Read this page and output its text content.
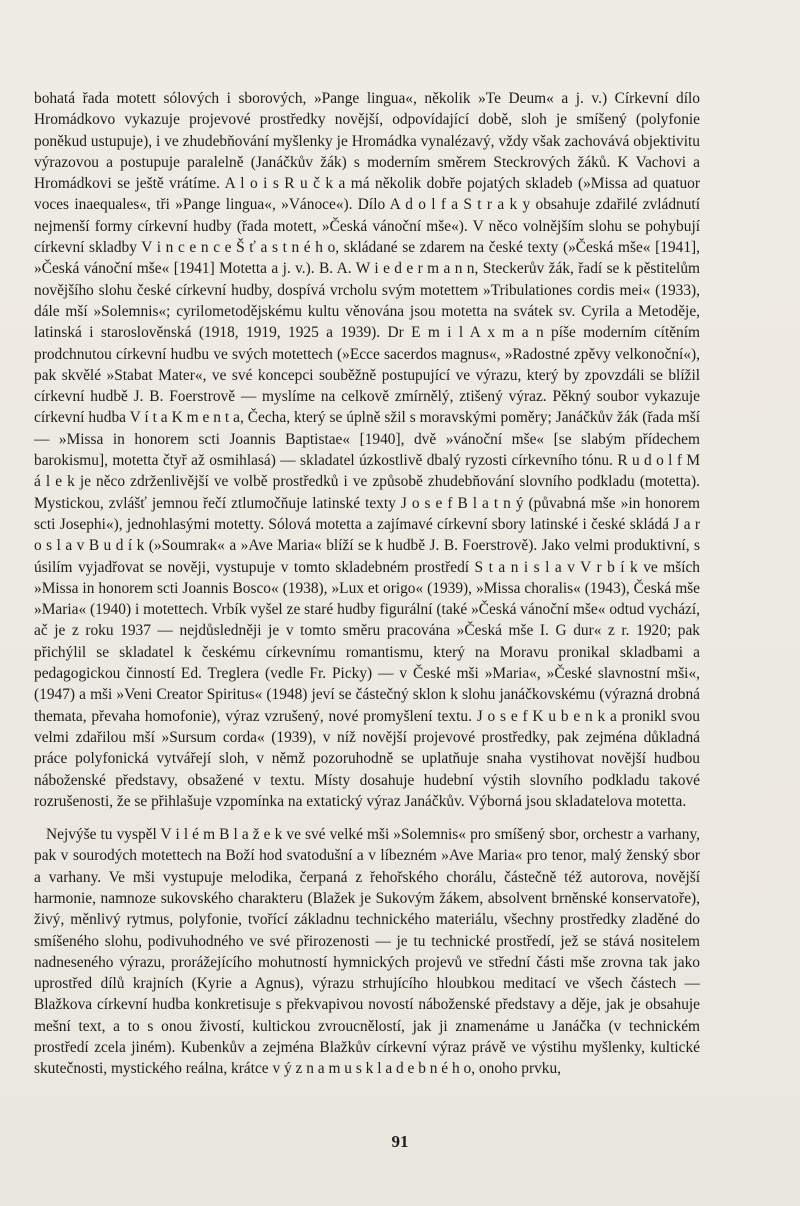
bohatá řada motett sólových i sborových, »Pange lingua«, několik »Te Deum« a j. v.) Církevní dílo Hromádkovo vykazuje projevové prostředky novější, odpovídající době, sloh je smíšený (polyfonie poněkud ustupuje), i ve zhudebňování myšlenky je Hromádka vynalézavý, vždy však zachovává objektivitu výrazovou a postupuje paralelně (Janáčkův žák) s moderním směrem Steckrových žáků. K Vachovi a Hromádkovi se ještě vrátíme. A l o i s R u č k a má několik dobře pojatých skladeb (»Missa ad quatuor voces inaequales«, tři »Pange lingua«, »Vánoce«). Dílo A d o l f a S t r a k y obsahuje zdařilé zvládnutí nejmenší formy církevní hudby (řada motett, »Česká vánoční mše«). V něco volnějším slohu se pohybují církevní skladby V i n c e n c e Š ť a s t n é h o, skládané se zdarem na české texty (»Česká mše« [1941], »Česká vánoční mše« [1941] Motetta a j. v.). B. A. W i e d e r m a n n, Steckerův žák, řadí se k pěstitelům novějšího slohu české církevní hudby, dospívá vrcholu svým motettem »Tribulationes cordis mei« (1933), dále mší »Solemnis«; cyrilometodějskému kultu věnována jsou motetta na svátek sv. Cyrila a Metoděje, latinská i staroslověnská (1918, 1919, 1925 a 1939). Dr E m i l A x m a n píše moderním cítěním prodchnutou církevní hudbu ve svých motettech (»Ecce sacerdos magnus«, »Radostné zpěvy velkonoční«), pak skvělé »Stabat Mater«, ve své koncepci souběžně postupující ve výrazu, který by zpovzdáli se blížil církevní hudbě J. B. Foerstrově — myslíme na celkově zmírnělý, ztišený výraz. Pěkný soubor vykazuje církevní hudba V í t a K m e n t a, Čecha, který se úplně sžil s moravskými poměry; Janáčkův žák (řada mší — »Missa in honorem scti Joannis Baptistae« [1940], dvě »vánoční mše« [se slabým přídechem barokismu], motetta čtyř až osmihlasá) — skladatel úzkostlivě dbalý ryzosti církevního tónu. R u d o l f M á l e k je něco zdrženlivější ve volbě prostředků i ve způsobě zhudebňování slovního podkladu (motetta). Mystickou, zvlášť jemnou řečí ztlumočňuje latinské texty J o s e f B l a t n ý (půvabná mše »in honorem scti Josephi«), jednohlasými motetty. Sólová motetta a zajímavé církevní sbory latinské i české skládá J a r o s l a v B u d í k (»Soumrak« a »Ave Maria« blíží se k hudbě J. B. Foerstrově). Jako velmi produktivní, s úsilím vyjadřovat se nověji, vystupuje v tomto skladebném prostředí S t a n i s l a v V r b í k ve mších »Missa in honorem scti Joannis Bosco« (1938), »Lux et origo« (1939), »Missa choralis« (1943), Česká mše »Maria« (1940) i motettech. Vrbík vyšel ze staré hudby figurální (také »Česká vánoční mše« odtud vychází, ač je z roku 1937 — nejdůsledněji je v tomto směru pracována »Česká mše I. G dur« z r. 1920; pak přichýlil se skladatel k českému církevnímu romantismu, který na Moravu pronikal skladbami a pedagogickou činností Ed. Treglera (vedle Fr. Picky) — v České mši »Maria«, »České slavnostní mši«, (1947) a mši »Veni Creator Spiritus« (1948) jeví se částečný sklon k slohu janáčkovskému (výrazná drobná themata, převaha homofonie), výraz vzrušený, nové promyšlení textu. J o s e f K u b e n k a pronikl svou velmi zdařilou mší »Sursum corda« (1939), v níž novější projevové prostředky, pak zejména důkladná práce polyfonická vytvářejí sloh, v němž pozoruhodně se uplatňuje snaha vystihovat novější hudbou náboženské představy, obsažené v textu. Místy dosahuje hudební výstih slovního podkladu takové rozrušenosti, že se přihlašuje vzpomínka na extatický výraz Janáčkův. Výborná jsou skladatelova motetta.

Nejvýše tu vyspěl V i l é m B l a ž e k ve své velké mši »Solemnis« pro smíšený sbor, orchestr a varhany, pak v sourodých motettech na Boží hod svatodušní a v líbezném »Ave Maria« pro tenor, malý ženský sbor a varhany. Ve mši vystupuje melodika, čerpaná z řehořského chorálu, částečně též autorova, novější harmonie, namnoze sukovského charakteru (Blažek je Sukovým žákem, absolvent brněnské konservatoře), živý, měnlivý rytmus, polyfonie, tvořící základnu technického materiálu, všechny prostředky zladěné do smíšeného slohu, podivuhodného ve své přirozenosti — je tu technické prostředí, jež se stává nositelem nadneseného výrazu, prorážejícího mohutností hymnických projevů ve střední části mše zrovna tak jako uprostřed dílů krajních (Kyrie a Agnus), výrazu strhujícího hloubkou meditací ve všech částech — Blažkova církevní hudba konkretisuje s překvapivou novostí náboženské představy a děje, jak je obsahuje mešní text, a to s onou živostí, kultickou zvroucnělostí, jak ji znamenáme u Janáčka (v technickém prostředí zcela jiném). Kubenkův a zejména Blažkův církevní výraz právě ve výstihu myšlenky, kultické skutečnosti, mystického reálna, krátce v ý z n a m u s k l a d e b n é h o, onoho prvku,

91
